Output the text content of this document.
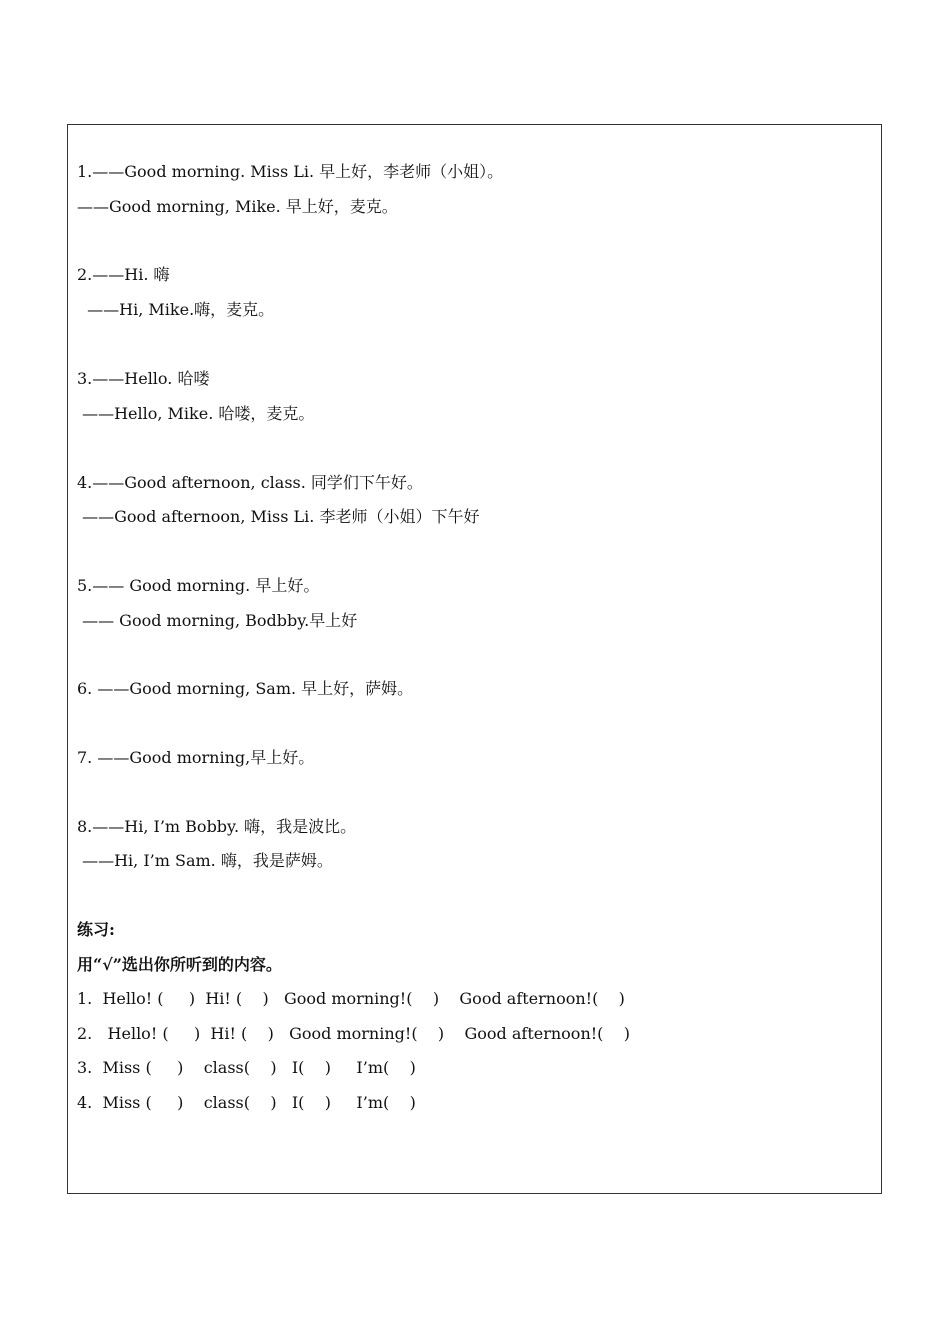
1.——Good morning. Miss Li. 早上好，李老师（小姐）。
——Good morning, Mike. 早上好，麦克。
2.——Hi. 嗨
——Hi, Mike.嗨，麦克。
3.——Hello. 哈喽
——Hello, Mike. 哈喽，麦克。
4.——Good afternoon, class. 同学们下午好。
——Good afternoon, Miss Li. 李老师（小姐）下午好
5.—— Good morning. 早上好。
—— Good morning, Bodbby.早上好
6. ——Good morning, Sam. 早上好，萨姆。
7. ——Good morning,早上好。
8.——Hi, I’m Bobby. 嗨，我是波比。
——Hi, I’m Sam. 嗨，我是萨姆。
练习:
用“√”选出你所听到的内容。
1.  Hello! (     )  Hi! (    )   Good morning!(    )    Good afternoon!(    )
2.   Hello! (     )  Hi! (    )   Good morning!(    )    Good afternoon!(    )
3.  Miss (     )    class(    )   I(    )     I’m(    )
4.  Miss (     )    class(    )   I(    )     I’m(    )
